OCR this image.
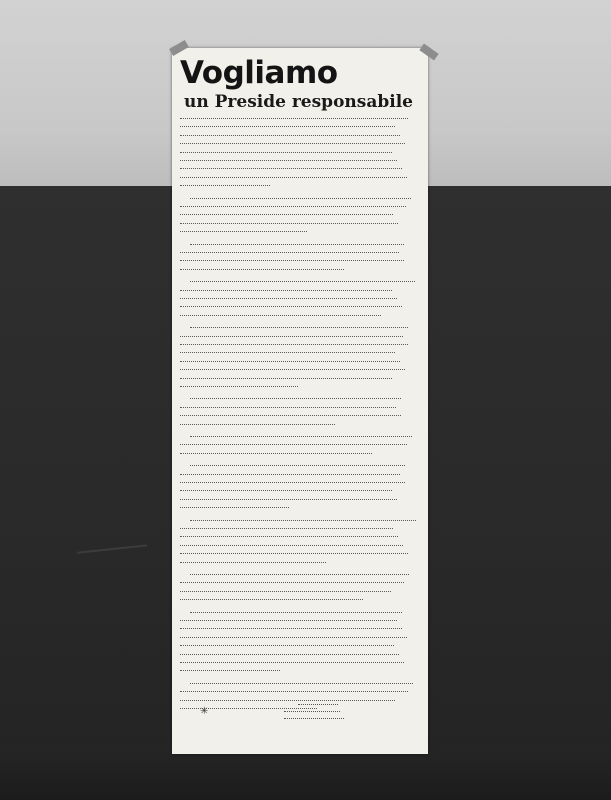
Vogliamo
un Preside responsabile
✳
